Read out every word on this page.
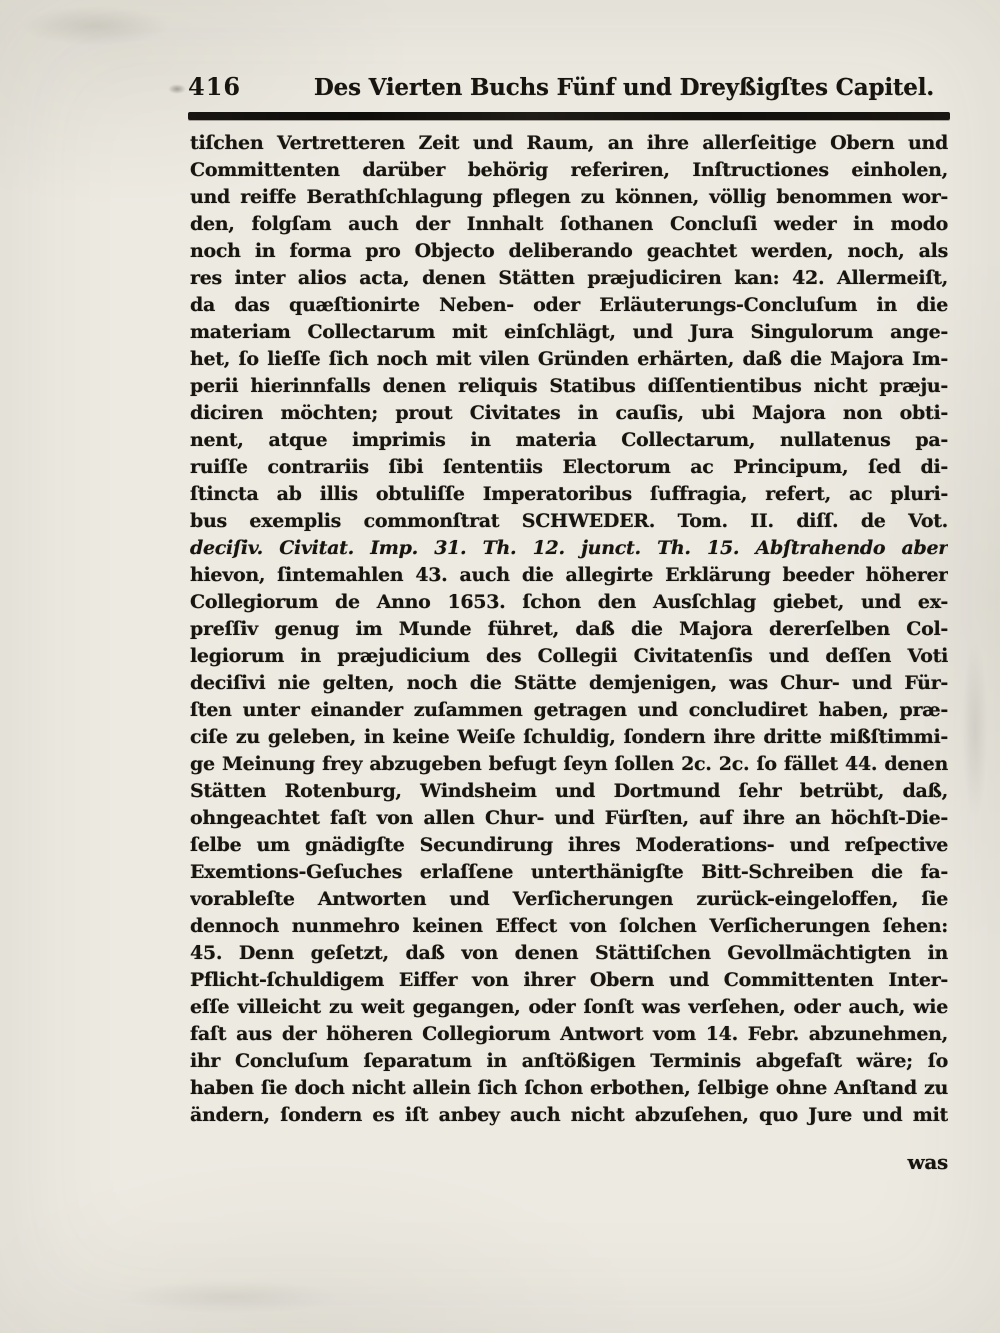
416	Des Vierten Buchs Fünf und Dreyßigſtes Capitel.
tiſchen Vertretteren Zeit und Raum, an ihre allerſeitige Obern und
Committenten darüber behörig referiren, Inſtructiones einholen,
und reiffe Berathſchlagung pflegen zu können, völlig benommen wor-
den, folgſam auch der Innhalt ſothanen Concluſi weder in modo
noch in forma pro Objecto deliberando geachtet werden, noch, als
res inter alios acta, denen Stätten præjudiciren kan: 42. Allermeiſt,
da das quæſtionirte Neben- oder Erläuterungs-Concluſum in die
materiam Collectarum mit einſchlägt, und Jura Singulorum ange-
het, ſo lieſſe ſich noch mit vilen Gründen erhärten, daß die Majora Im-
perii hierinnfalls denen reliquis Statibus diſſentientibus nicht præju-
diciren möchten; prout Civitates in cauſis, ubi Majora non obti-
nent, atque imprimis in materia Collectarum, nullatenus pa-
ruiſſe contrariis ſibi ſententiis Electorum ac Principum, ſed di-
ſtincta ab illis obtuliſſe Imperatoribus ſuffragia, refert, ac pluri-
bus exemplis commonſtrat SCHWEDER. Tom. II. diſſ. de Vot.
deciſiv. Civitat. Imp. 31. Th. 12. junct. Th. 15. Abſtrahendo aber
hievon, ſintemahlen 43. auch die allegirte Erklärung beeder höherer
Collegiorum de Anno 1653. ſchon den Ausſchlag giebet, und ex-
preſſiv genug im Munde führet, daß die Majora dererſelben Col-
legiorum in præjudicium des Collegii Civitatenſis und deſſen Voti
deciſivi nie gelten, noch die Stätte demjenigen, was Chur- und Für-
ſten unter einander zuſammen getragen und concludiret haben, præ-
ciſe zu geleben, in keine Weiſe ſchuldig, ſondern ihre dritte mißſtimmi-
ge Meinung frey abzugeben befugt ſeyn ſollen 2c. 2c. ſo fället 44. denen
Stätten Rotenburg, Windsheim und Dortmund ſehr betrübt, daß,
ohngeachtet faſt von allen Chur- und Fürſten, auf ihre an höchſt-Die-
ſelbe um gnädigſte Secundirung ihres Moderations- und reſpective
Exemtions-Geſuches erlaſſene unterthänigſte Bitt-Schreiben die fa-
vorableſte Antworten und Verſicherungen zurück-eingeloffen, ſie
dennoch nunmehro keinen Effect von ſolchen Verſicherungen ſehen:
45. Denn geſetzt, daß von denen Stättiſchen Gevollmächtigten in
Pflicht-ſchuldigem Eiffer von ihrer Obern und Committenten Inter-
eſſe villeicht zu weit gegangen, oder ſonſt was verſehen, oder auch, wie
faſt aus der höheren Collegiorum Antwort vom 14. Febr. abzunehmen,
ihr Concluſum ſeparatum in anſtößigen Terminis abgefaſt wäre; ſo
haben ſie doch nicht allein ſich ſchon erbothen, ſelbige ohne Anſtand zu
ändern, ſondern es iſt anbey auch nicht abzuſehen, quo Jure und mit
was
